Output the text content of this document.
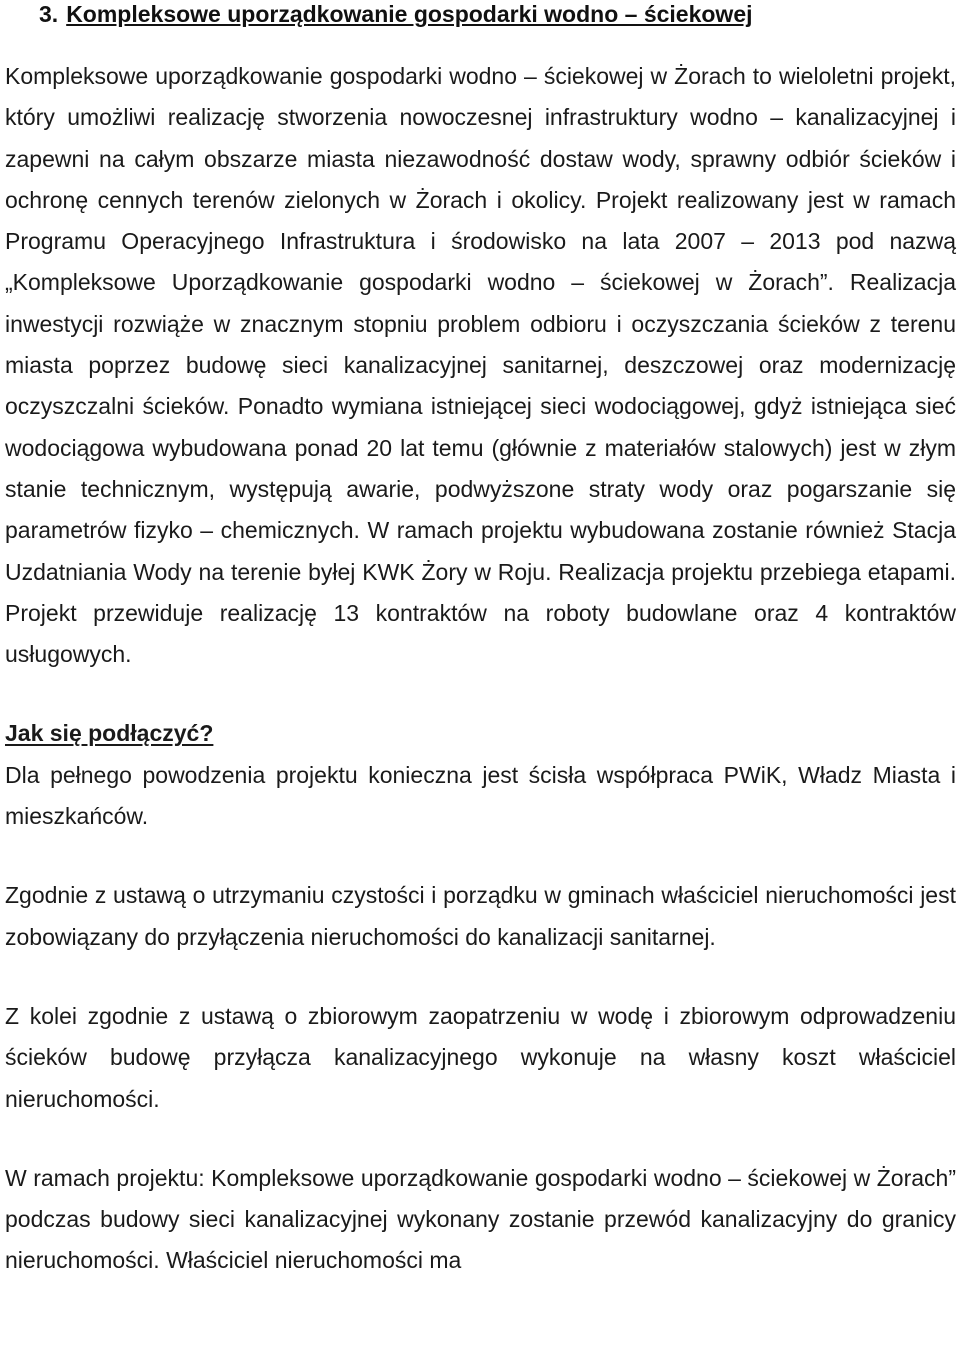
3. Kompleksowe uporządkowanie gospodarki wodno – ściekowej

Kompleksowe uporządkowanie gospodarki wodno – ściekowej w Żorach to wieloletni projekt, który umożliwi realizację stworzenia nowoczesnej infrastruktury wodno – kanalizacyjnej i zapewni na całym obszarze miasta niezawodność dostaw wody, sprawny odbiór ścieków i ochronę cennych terenów zielonych w Żorach i okolicy. Projekt realizowany jest w ramach Programu Operacyjnego Infrastruktura i środowisko na lata 2007 – 2013 pod nazwą „Kompleksowe Uporządkowanie gospodarki wodno – ściekowej w Żorach”. Realizacja inwestycji rozwiąże w znacznym stopniu problem odbioru i oczyszczania ścieków z terenu miasta poprzez budowę sieci kanalizacyjnej sanitarnej, deszczowej oraz modernizację oczyszczalni ścieków. Ponadto wymiana istniejącej sieci wodociągowej, gdyż istniejąca sieć wodociągowa wybudowana ponad 20 lat temu (głównie z materiałów stalowych) jest w złym stanie technicznym, występują awarie, podwyższone straty wody oraz pogarszanie się parametrów fizyko – chemicznych. W ramach projektu wybudowana zostanie również Stacja Uzdatniania Wody na terenie byłej KWK Żory w Roju. Realizacja projektu przebiega etapami. Projekt przewiduje realizację 13 kontraktów na roboty budowlane oraz 4 kontraktów usługowych.

Jak się podłączyć?

Dla pełnego powodzenia projektu konieczna jest ścisła współpraca PWiK, Władz Miasta i mieszkańców.

Zgodnie z ustawą o utrzymaniu czystości i porządku w gminach właściciel nieruchomości jest zobowiązany do przyłączenia nieruchomości do kanalizacji sanitarnej.

Z kolei zgodnie z ustawą o zbiorowym zaopatrzeniu w wodę i zbiorowym odprowadzeniu ścieków budowę przyłącza kanalizacyjnego wykonuje na własny koszt właściciel nieruchomości.

W ramach projektu: Kompleksowe uporządkowanie gospodarki wodno – ściekowej w Żorach” podczas budowy sieci kanalizacyjnej wykonany zostanie przewód kanalizacyjny do granicy nieruchomości. Właściciel nieruchomości ma
